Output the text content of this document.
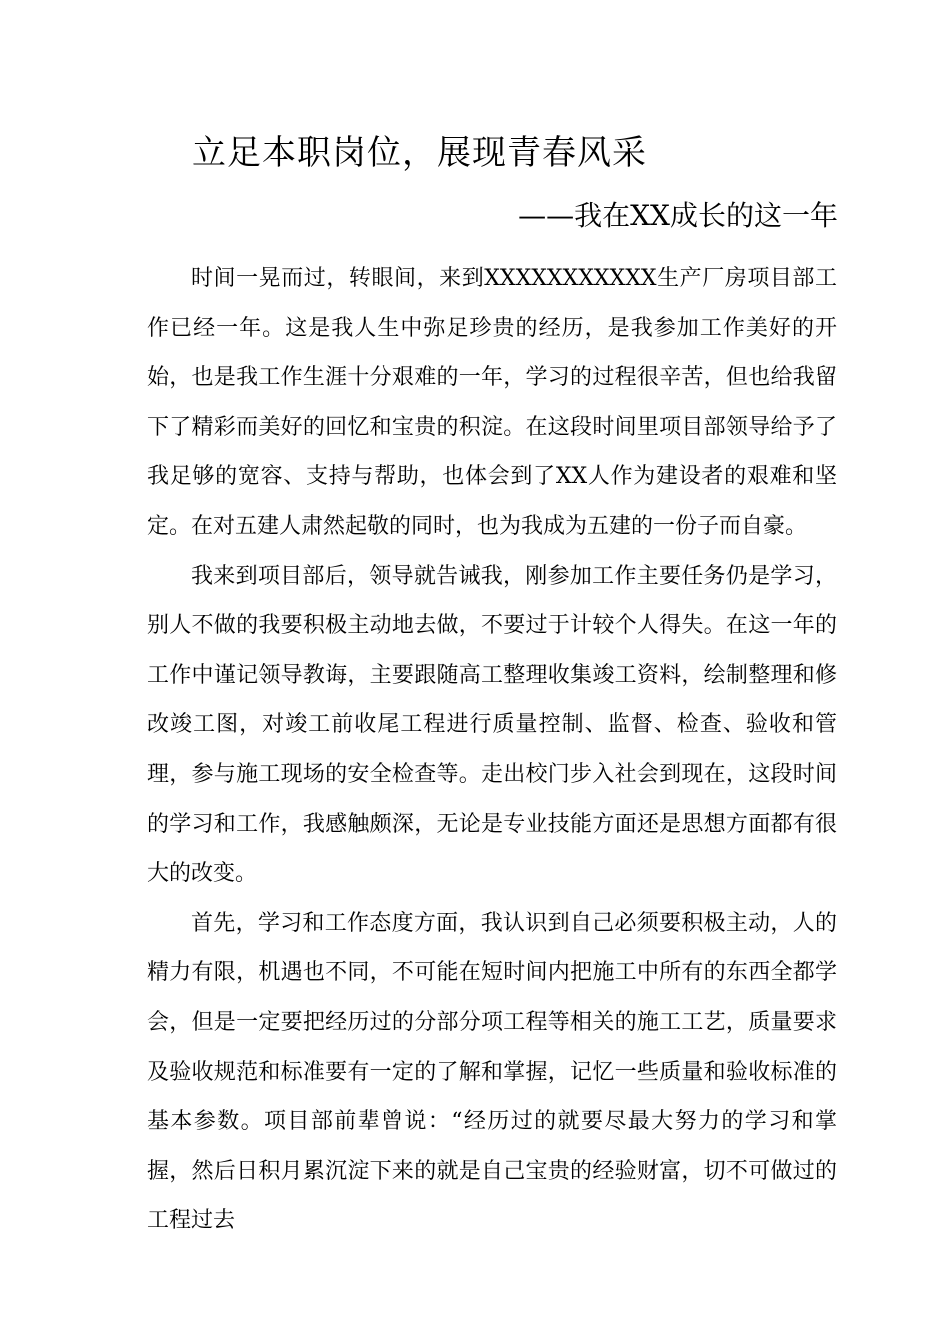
立足本职岗位，展现青春风采
——我在XX成长的这一年

时间一晃而过，转眼间，来到XXXXXXXXXXX生产厂房项目部工作已经一年。这是我人生中弥足珍贵的经历，是我参加工作美好的开始，也是我工作生涯十分艰难的一年，学习的过程很辛苦，但也给我留下了精彩而美好的回忆和宝贵的积淀。在这段时间里项目部领导给予了我足够的宽容、支持与帮助，也体会到了XX人作为建设者的艰难和坚定。在对五建人肃然起敬的同时，也为我成为五建的一份子而自豪。

我来到项目部后，领导就告诫我，刚参加工作主要任务仍是学习，别人不做的我要积极主动地去做，不要过于计较个人得失。在这一年的工作中谨记领导教诲，主要跟随高工整理收集竣工资料，绘制整理和修改竣工图，对竣工前收尾工程进行质量控制、监督、检查、验收和管理，参与施工现场的安全检查等。走出校门步入社会到现在，这段时间的学习和工作，我感触颇深，无论是专业技能方面还是思想方面都有很大的改变。

首先，学习和工作态度方面，我认识到自己必须要积极主动，人的精力有限，机遇也不同，不可能在短时间内把施工中所有的东西全都学会，但是一定要把经历过的分部分项工程等相关的施工工艺，质量要求及验收规范和标准要有一定的了解和掌握，记忆一些质量和验收标准的基本参数。项目部前辈曾说：“经历过的就要尽最大努力的学习和掌握，然后日积月累沉淀下来的就是自己宝贵的经验财富，切不可做过的工程过去
